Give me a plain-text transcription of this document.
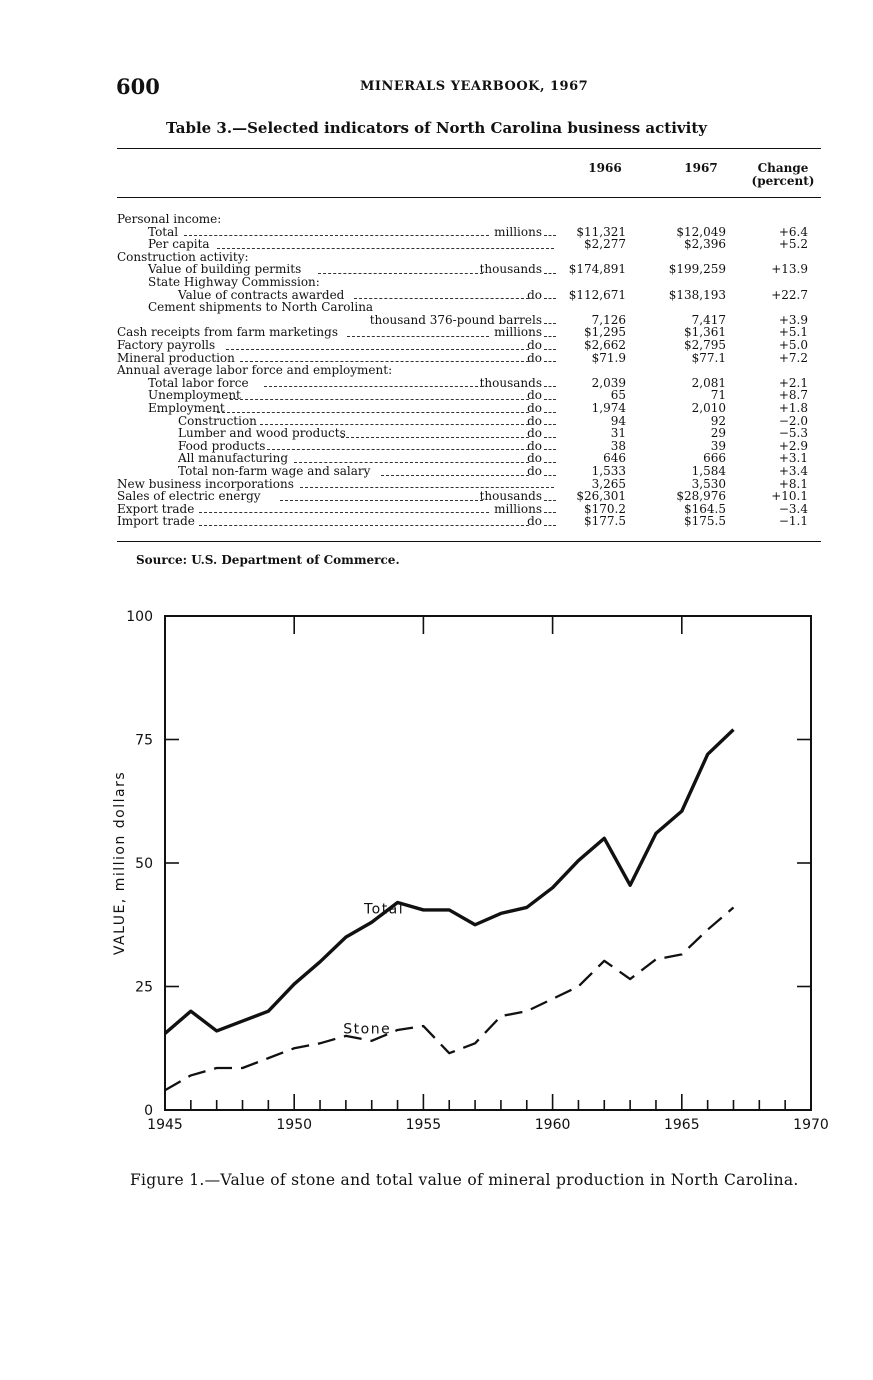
600	MINERALS YEARBOOK, 1967
Table 3.—Selected indicators of North Carolina business activity
1966	1967	Change (percent)
Personal income:
Total	millions	$11,321	$12,049	+6.4
Per capita	$2,277	$2,396	+5.2
Construction activity:
Value of building permits	thousands	$174,891	$199,259	+13.9
State Highway Commission:
Value of contracts awarded	do	$112,671	$138,193	+22.7
Cement shipments to North Carolina
thousand 376-pound barrels	7,126	7,417	+3.9
Cash receipts from farm marketings	millions	$1,295	$1,361	+5.1
Factory payrolls	do	$2,662	$2,795	+5.0
Mineral production	do	$71.9	$77.1	+7.2
Annual average labor force and employment:
Total labor force	thousands	2,039	2,081	+2.1
Unemployment	do	65	71	+8.7
Employment	do	1,974	2,010	+1.8
Construction	do	94	92	−2.0
Lumber and wood products	do	31	29	−5.3
Food products	do	38	39	+2.9
All manufacturing	do	646	666	+3.1
Total non-farm wage and salary	do	1,533	1,584	+3.4
New business incorporations	3,265	3,530	+8.1
Sales of electric energy	thousands	$26,301	$28,976	+10.1
Export trade	millions	$170.2	$164.5	−3.4
Import trade	do	$177.5	$175.5	−1.1
Source: U.S. Department of Commerce.
1945	1950	1955	1960	1965	1970
0
25
50
75
100
VALUE, million dollars	Total
Stone
Figure 1.—Value of stone and total value of mineral production in North Carolina.
